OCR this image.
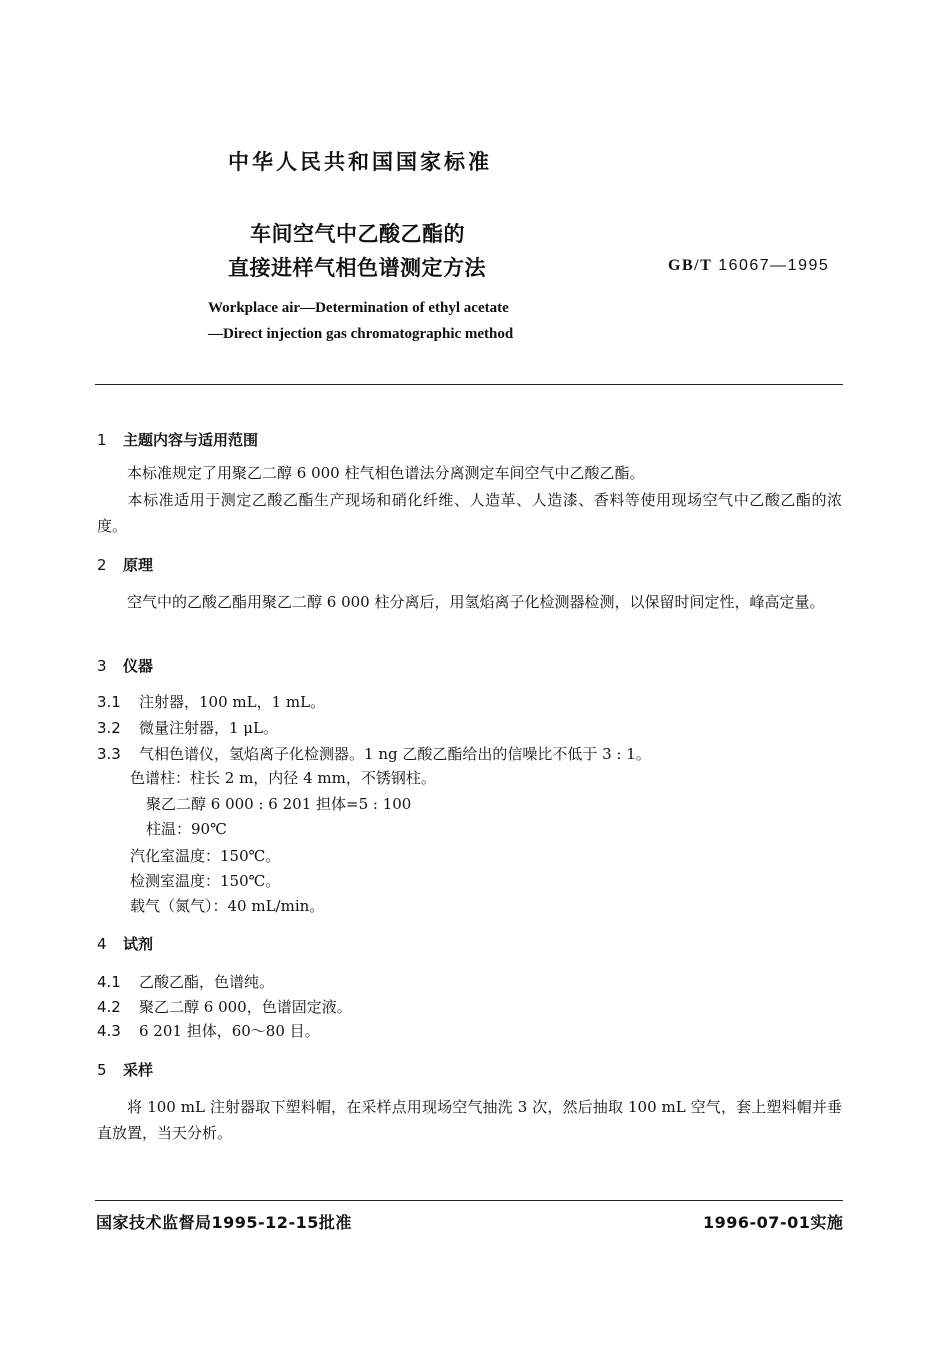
中华人民共和国国家标准
车间空气中乙酸乙酯的
直接进样气相色谱测定方法	GB/T 16067—1995
Workplace air—Determination of ethyl acetate
—Direct injection gas chromatographic method
1 主题内容与适用范围
本标准规定了用聚乙二醇 6 000 柱气相色谱法分离测定车间空气中乙酸乙酯。
本标准适用于测定乙酸乙酯生产现场和硝化纤维、人造革、人造漆、香料等使用现场空气中乙酸乙酯的浓度。
2 原理
空气中的乙酸乙酯用聚乙二醇 6 000 柱分离后，用氢焰离子化检测器检测，以保留时间定性，峰高定量。
3 仪器
3.1 注射器，100 mL，1 mL。
3.2 微量注射器，1 μL。
3.3 气相色谱仪，氢焰离子化检测器。1 ng 乙酸乙酯给出的信噪比不低于 3 : 1。
色谱柱：柱长 2 m，内径 4 mm，不锈钢柱。
聚乙二醇 6 000 : 6 201 担体=5 : 100
柱温：90℃
汽化室温度：150℃。
检测室温度：150℃。
载气（氮气）：40 mL/min。
4 试剂
4.1 乙酸乙酯，色谱纯。
4.2 聚乙二醇 6 000，色谱固定液。
4.3 6 201 担体，60～80 目。
5 采样
将 100 mL 注射器取下塑料帽，在采样点用现场空气抽洗 3 次，然后抽取 100 mL 空气，套上塑料帽并垂直放置，当天分析。
国家技术监督局1995-12-15批准	1996-07-01实施
